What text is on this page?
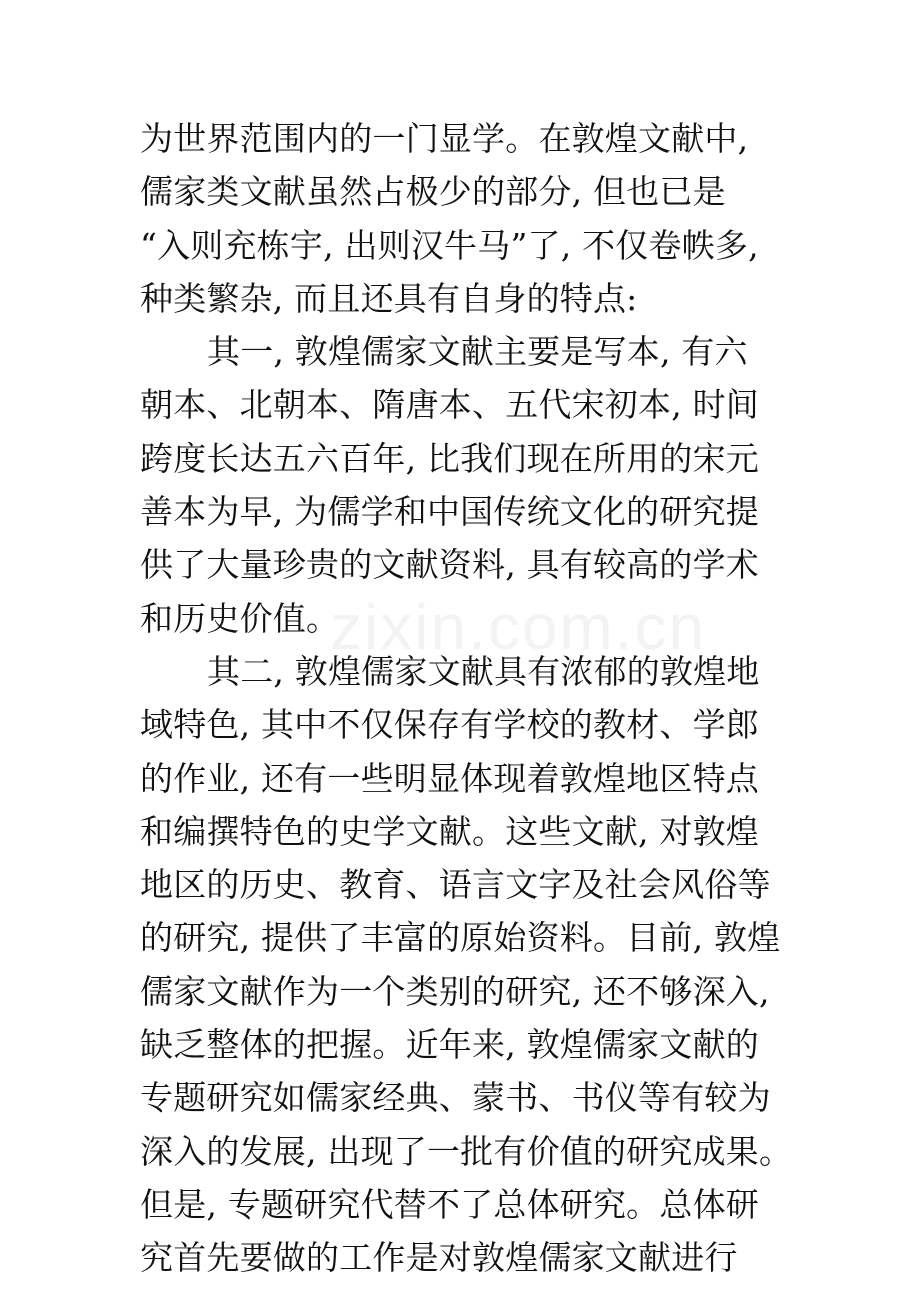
zixin.com.cn
为世界范围内的一门显学。在敦煌文献中,
儒家类文献虽然占极少的部分, 但也已是
“入则充栋宇, 出则汉牛马”了, 不仅卷帙多,
种类繁杂, 而且还具有自身的特点:
其一, 敦煌儒家文献主要是写本, 有六
朝本、北朝本、隋唐本、五代宋初本, 时间
跨度长达五六百年, 比我们现在所用的宋元
善本为早, 为儒学和中国传统文化的研究提
供了大量珍贵的文献资料, 具有较高的学术
和历史价值。
其二, 敦煌儒家文献具有浓郁的敦煌地
域特色, 其中不仅保存有学校的教材、学郎
的作业, 还有一些明显体现着敦煌地区特点
和编撰特色的史学文献。这些文献, 对敦煌
地区的历史、教育、语言文字及社会风俗等
的研究, 提供了丰富的原始资料。目前, 敦煌
儒家文献作为一个类别的研究, 还不够深入,
缺乏整体的把握。近年来, 敦煌儒家文献的
专题研究如儒家经典、蒙书、书仪等有较为
深入的发展, 出现了一批有价值的研究成果。
但是, 专题研究代替不了总体研究。总体研
究首先要做的工作是对敦煌儒家文献进行
